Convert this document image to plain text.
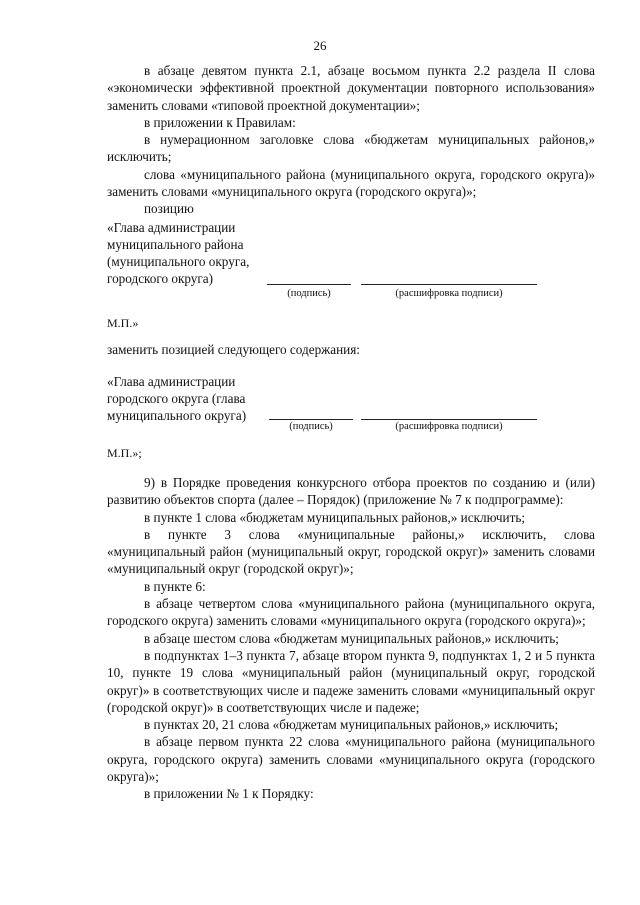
26

в абзаце девятом пункта 2.1, абзаце восьмом пункта 2.2 раздела II слова «экономически эффективной проектной документации повторного использования» заменить словами «типовой проектной документации»;

в приложении к Правилам:

в нумерационном заголовке слова «бюджетам муниципальных районов,» исключить;

слова «муниципального района (муниципального округа, городского округа)» заменить словами «муниципального округа (городского округа)»;

позицию

«Глава администрации
муниципального района
(муниципального округа,
городского округа)
(подпись)	(расшифровка подписи)
М.П.»
заменить позицией следующего содержания:
«Глава администрации
городского округа (глава
муниципального округа)
(подпись)	(расшифровка подписи)
М.П.»;

9) в Порядке проведения конкурсного отбора проектов по созданию и (или) развитию объектов спорта (далее – Порядок) (приложение № 7 к подпрограмме):

в пункте 1 слова «бюджетам муниципальных районов,» исключить;

в пункте 3 слова «муниципальные районы,» исключить, слова «муниципальный район (муниципальный округ, городской округ)» заменить словами «муниципальный округ (городской округ)»;

в пункте 6:

в абзаце четвертом слова «муниципального района (муниципального округа, городского округа) заменить словами «муниципального округа (городского округа)»;

в абзаце шестом слова «бюджетам муниципальных районов,» исключить;

в подпунктах 1–3 пункта 7, абзаце втором пункта 9, подпунктах 1, 2 и 5 пункта 10, пункте 19 слова «муниципальный район (муниципальный округ, городской округ)» в соответствующих числе и падеже заменить словами «муниципальный округ (городской округ)» в соответствующих числе и падеже;

в пунктах 20, 21 слова «бюджетам муниципальных районов,» исключить;

в абзаце первом пункта 22 слова «муниципального района (муниципального округа, городского округа) заменить словами «муниципального округа (городского округа)»;

в приложении № 1 к Порядку:
